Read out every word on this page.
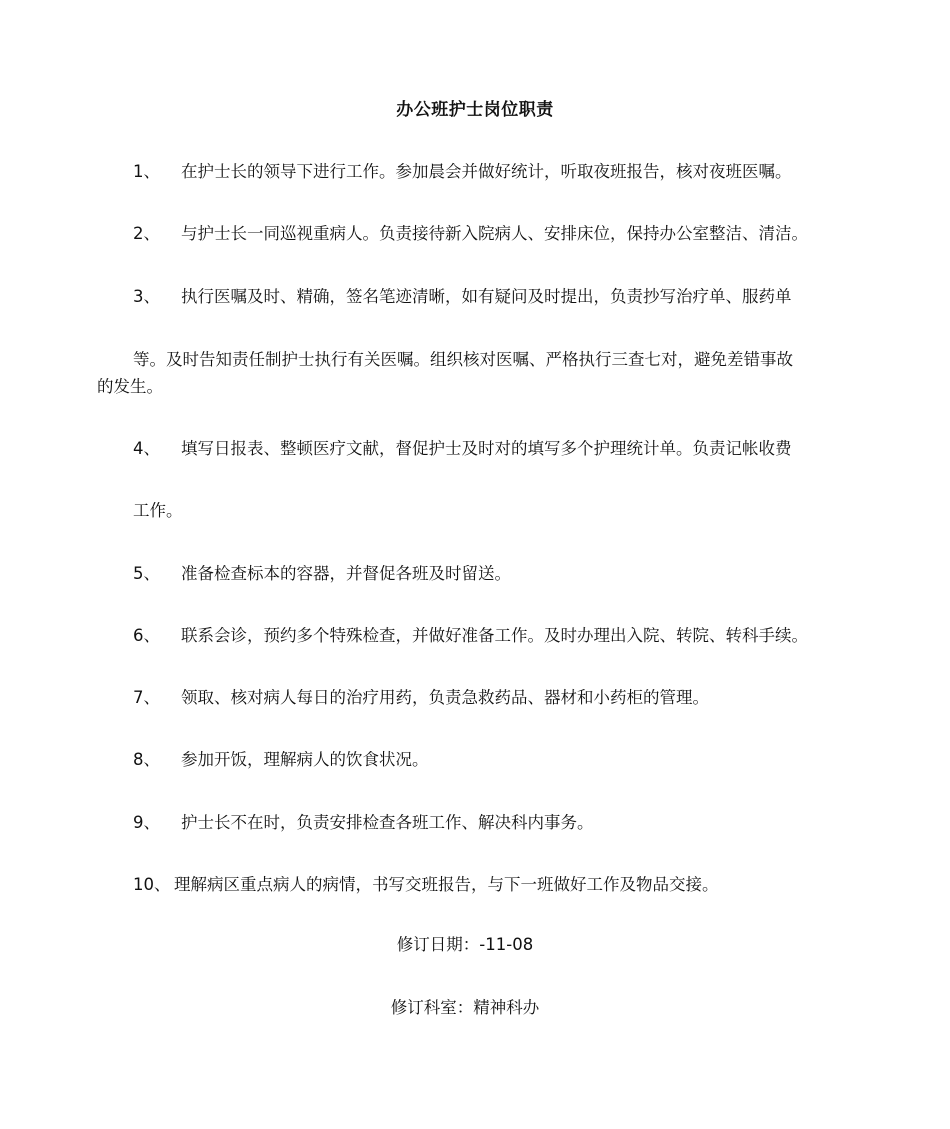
办公班护士岗位职责
1、 在护士长的领导下进行工作。参加晨会并做好统计，听取夜班报告，核对夜班医嘱。
2、 与护士长一同巡视重病人。负责接待新入院病人、安排床位，保持办公室整洁、清洁。
3、 执行医嘱及时、精确，签名笔迹清晰，如有疑问及时提出，负责抄写治疗单、服药单
等。及时告知责任制护士执行有关医嘱。组织核对医嘱、严格执行三查七对，避免差错事故
的发生。
4、 填写日报表、整顿医疗文献，督促护士及时对的填写多个护理统计单。负责记帐收费
工作。
5、 准备检查标本的容器，并督促各班及时留送。
6、 联系会诊，预约多个特殊检查，并做好准备工作。及时办理出入院、转院、转科手续。
7、 领取、核对病人每日的治疗用药，负责急救药品、器材和小药柜的管理。
8、 参加开饭，理解病人的饮食状况。
9、 护士长不在时，负责安排检查各班工作、解决科内事务。
10、 理解病区重点病人的病情，书写交班报告，与下一班做好工作及物品交接。
修订日期：-11-08
修订科室：精神科办
